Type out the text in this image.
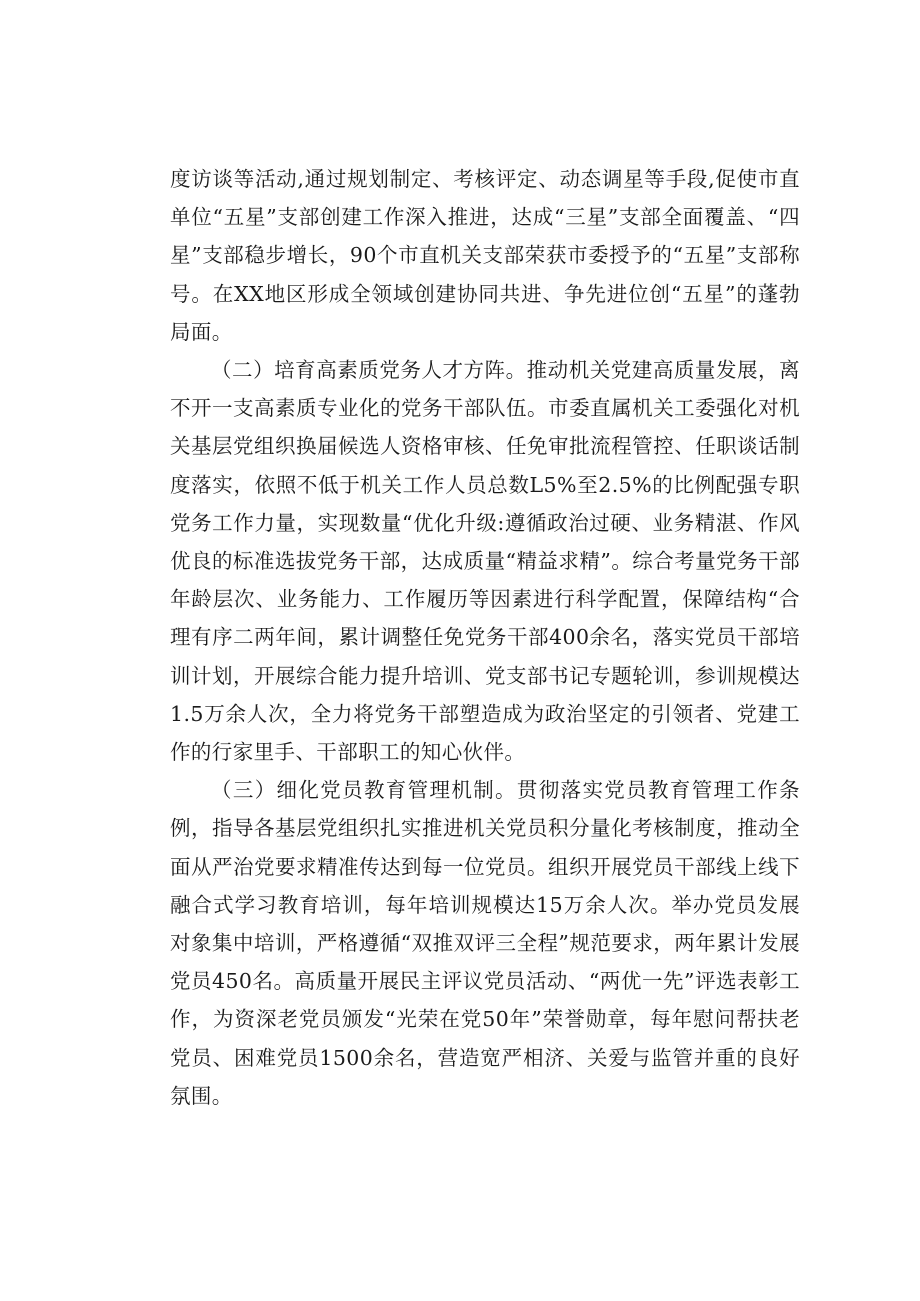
度访谈等活动,通过规划制定、考核评定、动态调星等手段,促使市直单位“五星”支部创建工作深入推进，达成“三星”支部全面覆盖、“四星”支部稳步增长，90个市直机关支部荣获市委授予的“五星”支部称号。在XX地区形成全领域创建协同共进、争先进位创“五星”的蓬勃局面。

（二）培育高素质党务人才方阵。推动机关党建高质量发展，离不开一支高素质专业化的党务干部队伍。市委直属机关工委强化对机关基层党组织换届候选人资格审核、任免审批流程管控、任职谈话制度落实，依照不低于机关工作人员总数L5%至2.5%的比例配强专职党务工作力量，实现数量“优化升级:遵循政治过硬、业务精湛、作风优良的标准选拔党务干部，达成质量“精益求精”。综合考量党务干部年龄层次、业务能力、工作履历等因素进行科学配置，保障结构“合理有序二两年间，累计调整任免党务干部400余名，落实党员干部培训计划，开展综合能力提升培训、党支部书记专题轮训，参训规模达1.5万余人次，全力将党务干部塑造成为政治坚定的引领者、党建工作的行家里手、干部职工的知心伙伴。

（三）细化党员教育管理机制。贯彻落实党员教育管理工作条例，指导各基层党组织扎实推进机关党员积分量化考核制度，推动全面从严治党要求精准传达到每一位党员。组织开展党员干部线上线下融合式学习教育培训，每年培训规模达15万余人次。举办党员发展对象集中培训，严格遵循“双推双评三全程”规范要求，两年累计发展党员450名。高质量开展民主评议党员活动、“两优一先”评选表彰工作，为资深老党员颁发“光荣在党50年”荣誉勋章，每年慰问帮扶老党员、困难党员1500余名，营造宽严相济、关爱与监管并重的良好氛围。
